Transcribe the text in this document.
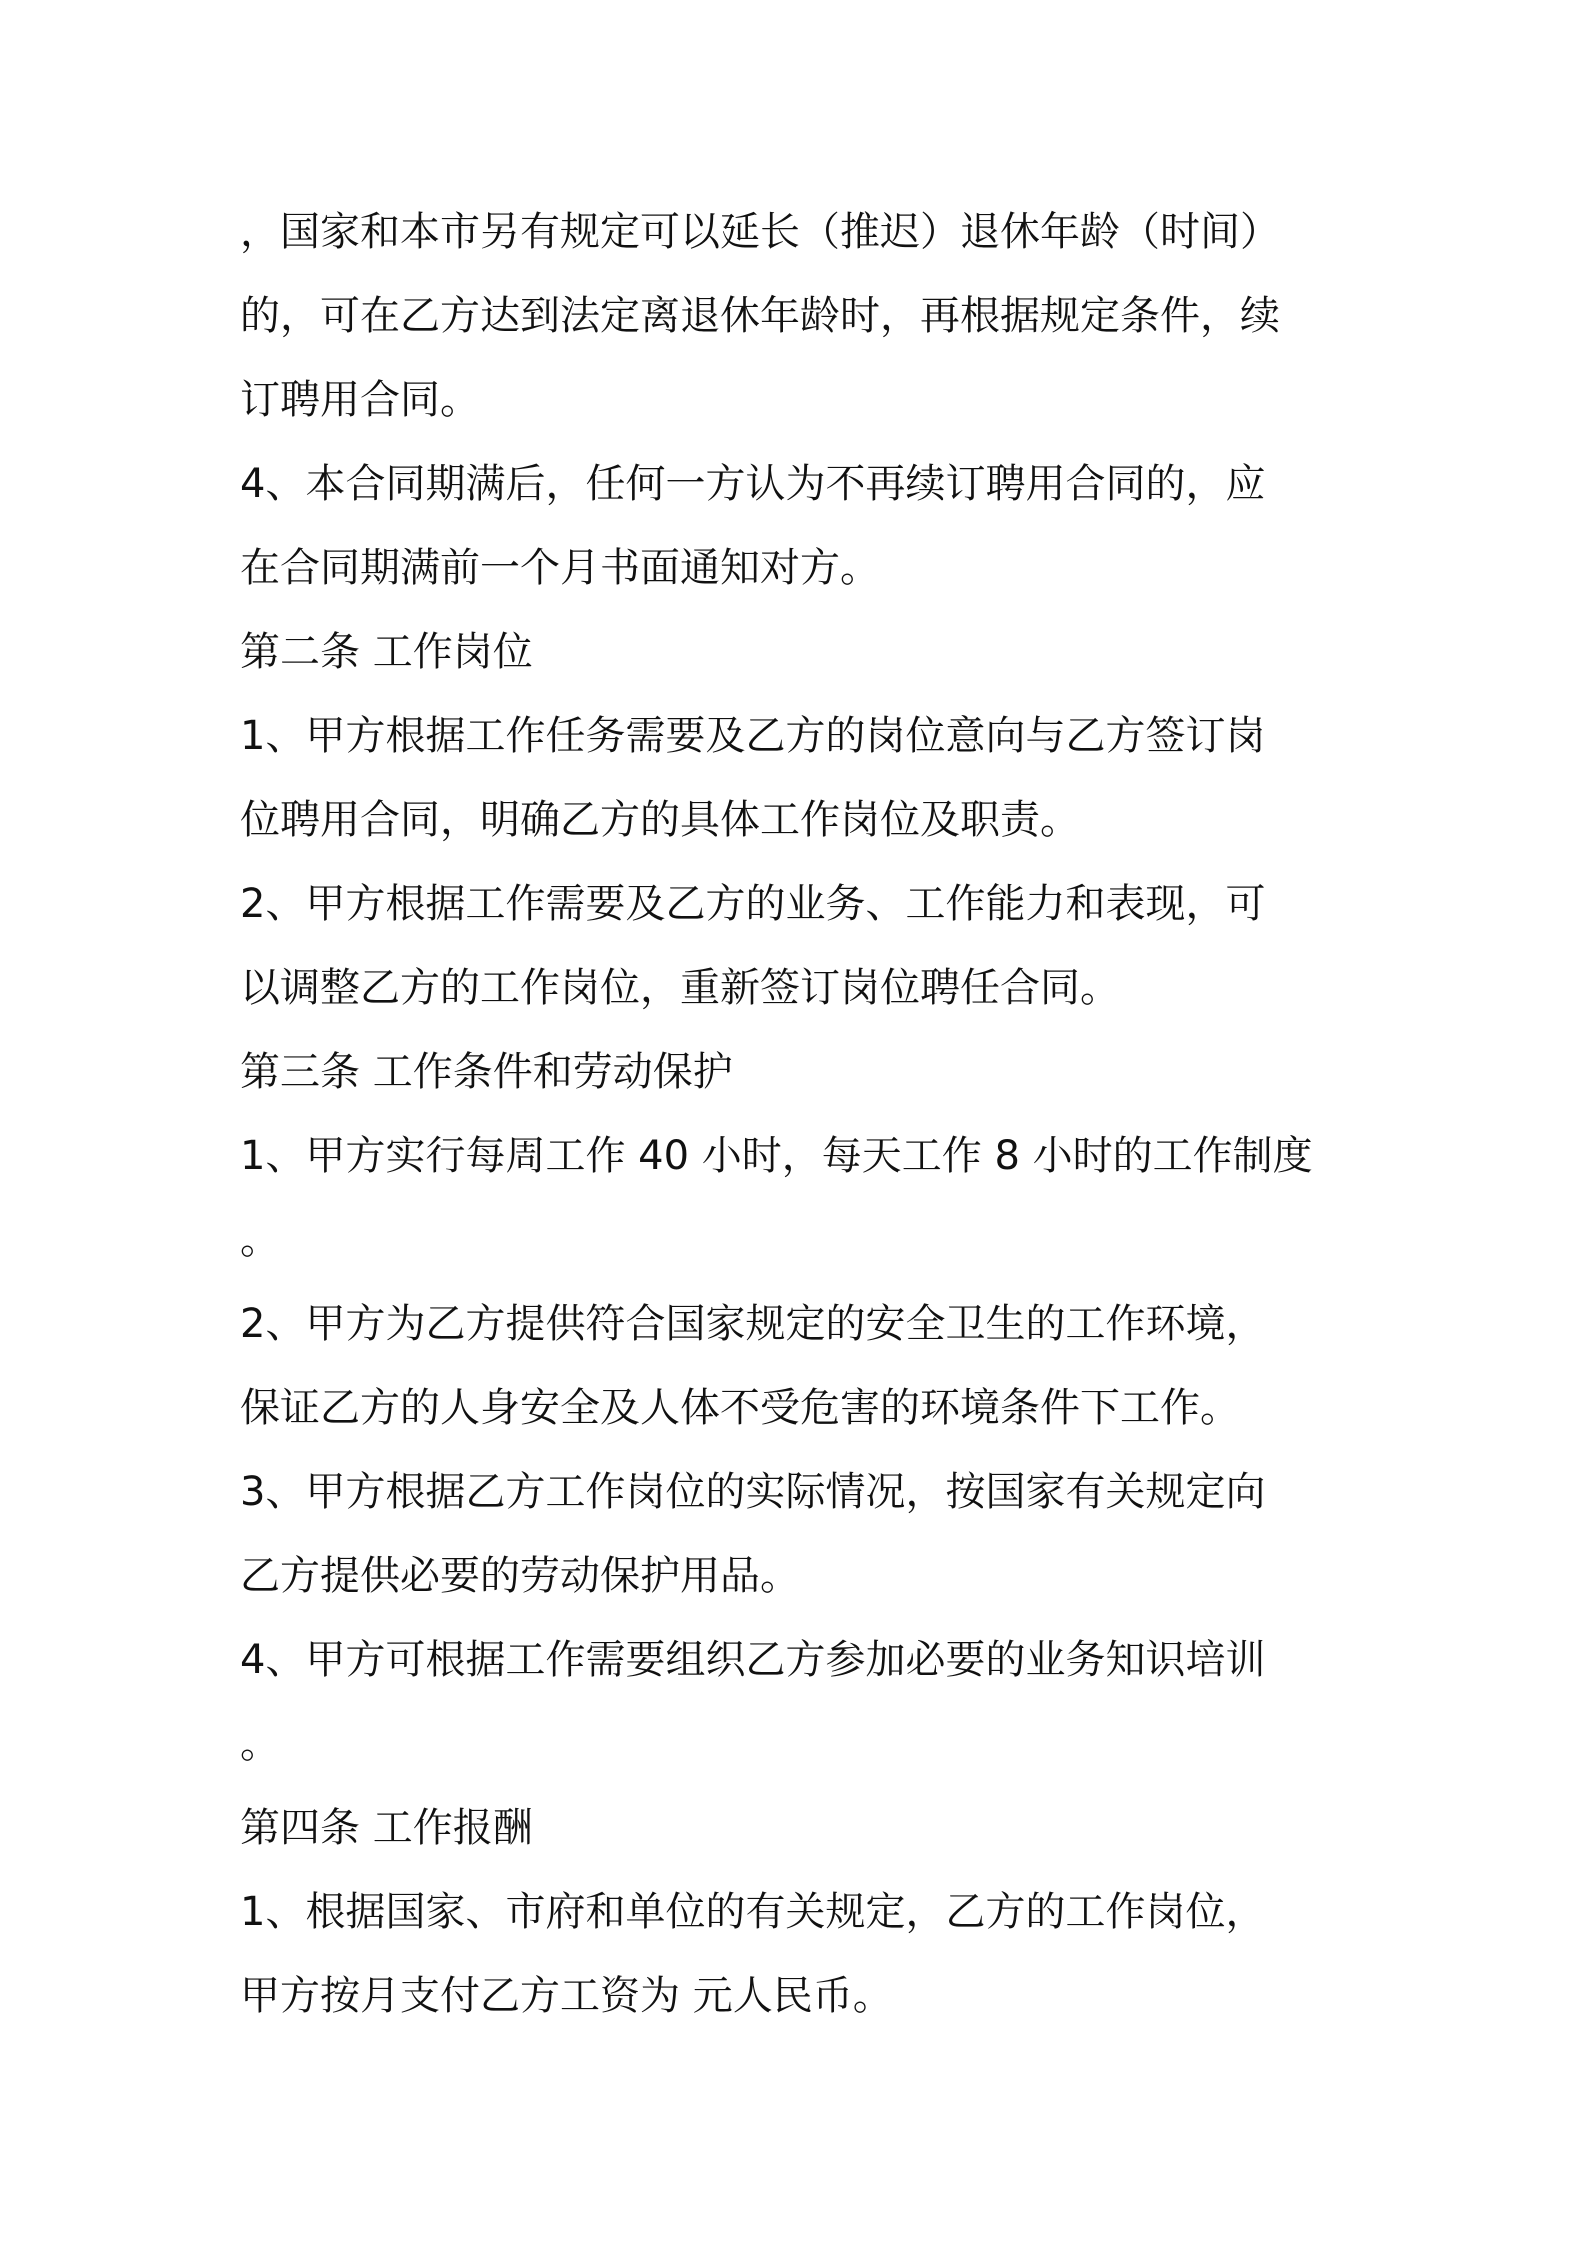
，国家和本市另有规定可以延长（推迟）退休年龄（时间）
的，可在乙方达到法定离退休年龄时，再根据规定条件，续
订聘用合同。
4、本合同期满后，任何一方认为不再续订聘用合同的，应
在合同期满前一个月书面通知对方。
第二条 工作岗位
1、甲方根据工作任务需要及乙方的岗位意向与乙方签订岗
位聘用合同，明确乙方的具体工作岗位及职责。
2、甲方根据工作需要及乙方的业务、工作能力和表现，可
以调整乙方的工作岗位，重新签订岗位聘任合同。
第三条 工作条件和劳动保护
1、甲方实行每周工作 40 小时，每天工作 8 小时的工作制度
。
2、甲方为乙方提供符合国家规定的安全卫生的工作环境，
保证乙方的人身安全及人体不受危害的环境条件下工作。
3、甲方根据乙方工作岗位的实际情况，按国家有关规定向
乙方提供必要的劳动保护用品。
4、甲方可根据工作需要组织乙方参加必要的业务知识培训
。
第四条 工作报酬
1、根据国家、市府和单位的有关规定，乙方的工作岗位，
甲方按月支付乙方工资为 元人民币。
